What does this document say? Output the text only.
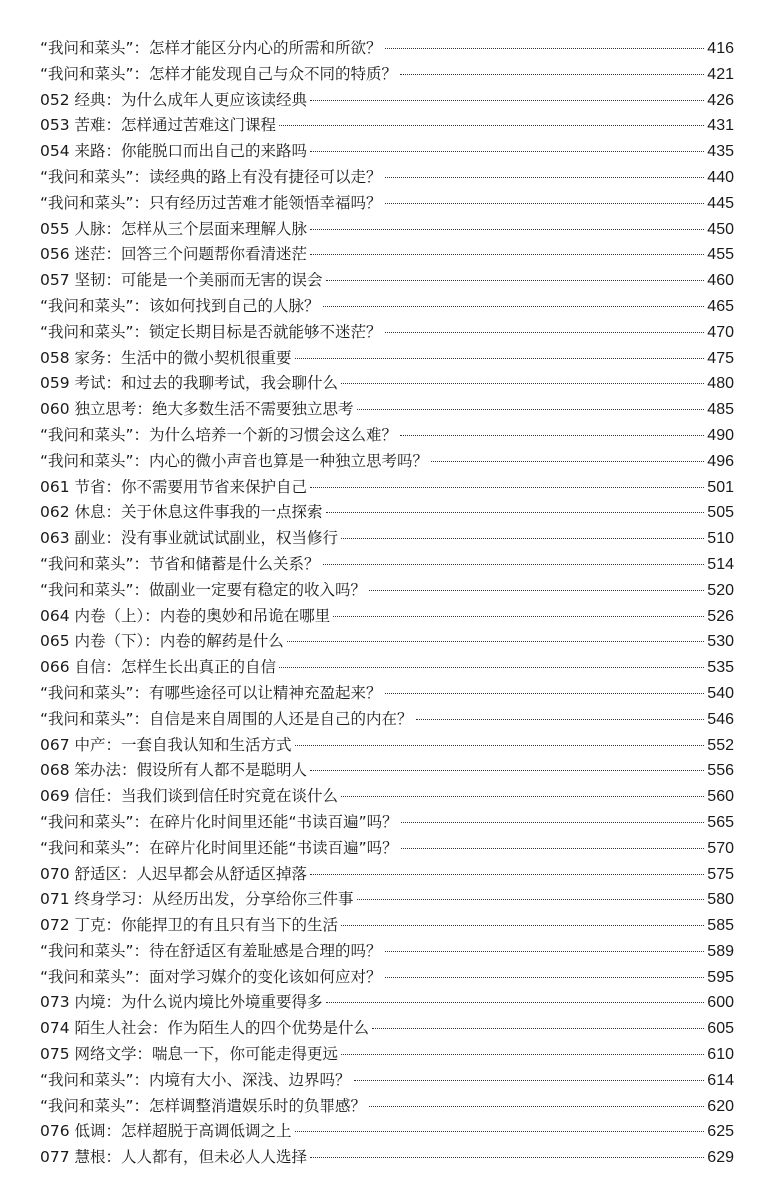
“我问和菜头”：怎样才能区分内心的所需和所欲？	416
“我问和菜头”：怎样才能发现自己与众不同的特质？	421
052 经典：为什么成年人更应该读经典	426
053 苦难：怎样通过苦难这门课程	431
054 来路：你能脱口而出自己的来路吗	435
“我问和菜头”：读经典的路上有没有捷径可以走？	440
“我问和菜头”：只有经历过苦难才能领悟幸福吗？	445
055 人脉：怎样从三个层面来理解人脉	450
056 迷茫：回答三个问题帮你看清迷茫	455
057 坚韧：可能是一个美丽而无害的误会	460
“我问和菜头”：该如何找到自己的人脉？	465
“我问和菜头”：锁定长期目标是否就能够不迷茫？	470
058 家务：生活中的微小契机很重要	475
059 考试：和过去的我聊考试，我会聊什么	480
060 独立思考：绝大多数生活不需要独立思考	485
“我问和菜头”：为什么培养一个新的习惯会这么难？	490
“我问和菜头”：内心的微小声音也算是一种独立思考吗？	496
061 节省：你不需要用节省来保护自己	501
062 休息：关于休息这件事我的一点探索	505
063 副业：没有事业就试试副业，权当修行	510
“我问和菜头”：节省和储蓄是什么关系？	514
“我问和菜头”：做副业一定要有稳定的收入吗？	520
064 内卷（上）：内卷的奥妙和吊诡在哪里	526
065 内卷（下）：内卷的解药是什么	530
066 自信：怎样生长出真正的自信	535
“我问和菜头”：有哪些途径可以让精神充盈起来？	540
“我问和菜头”：自信是来自周围的人还是自己的内在？	546
067 中产：一套自我认知和生活方式	552
068 笨办法：假设所有人都不是聪明人	556
069 信任：当我们谈到信任时究竟在谈什么	560
“我问和菜头”：在碎片化时间里还能“书读百遍”吗？	565
“我问和菜头”：在碎片化时间里还能“书读百遍”吗？	570
070 舒适区：人迟早都会从舒适区掉落	575
071 终身学习：从经历出发，分享给你三件事	580
072 丁克：你能捍卫的有且只有当下的生活	585
“我问和菜头”：待在舒适区有羞耻感是合理的吗？	589
“我问和菜头”：面对学习媒介的变化该如何应对？	595
073 内境：为什么说内境比外境重要得多	600
074 陌生人社会：作为陌生人的四个优势是什么	605
075 网络文学：喘息一下，你可能走得更远	610
“我问和菜头”：内境有大小、深浅、边界吗？	614
“我问和菜头”：怎样调整消遣娱乐时的负罪感？	620
076 低调：怎样超脱于高调低调之上	625
077 慧根：人人都有，但未必人人选择	629
